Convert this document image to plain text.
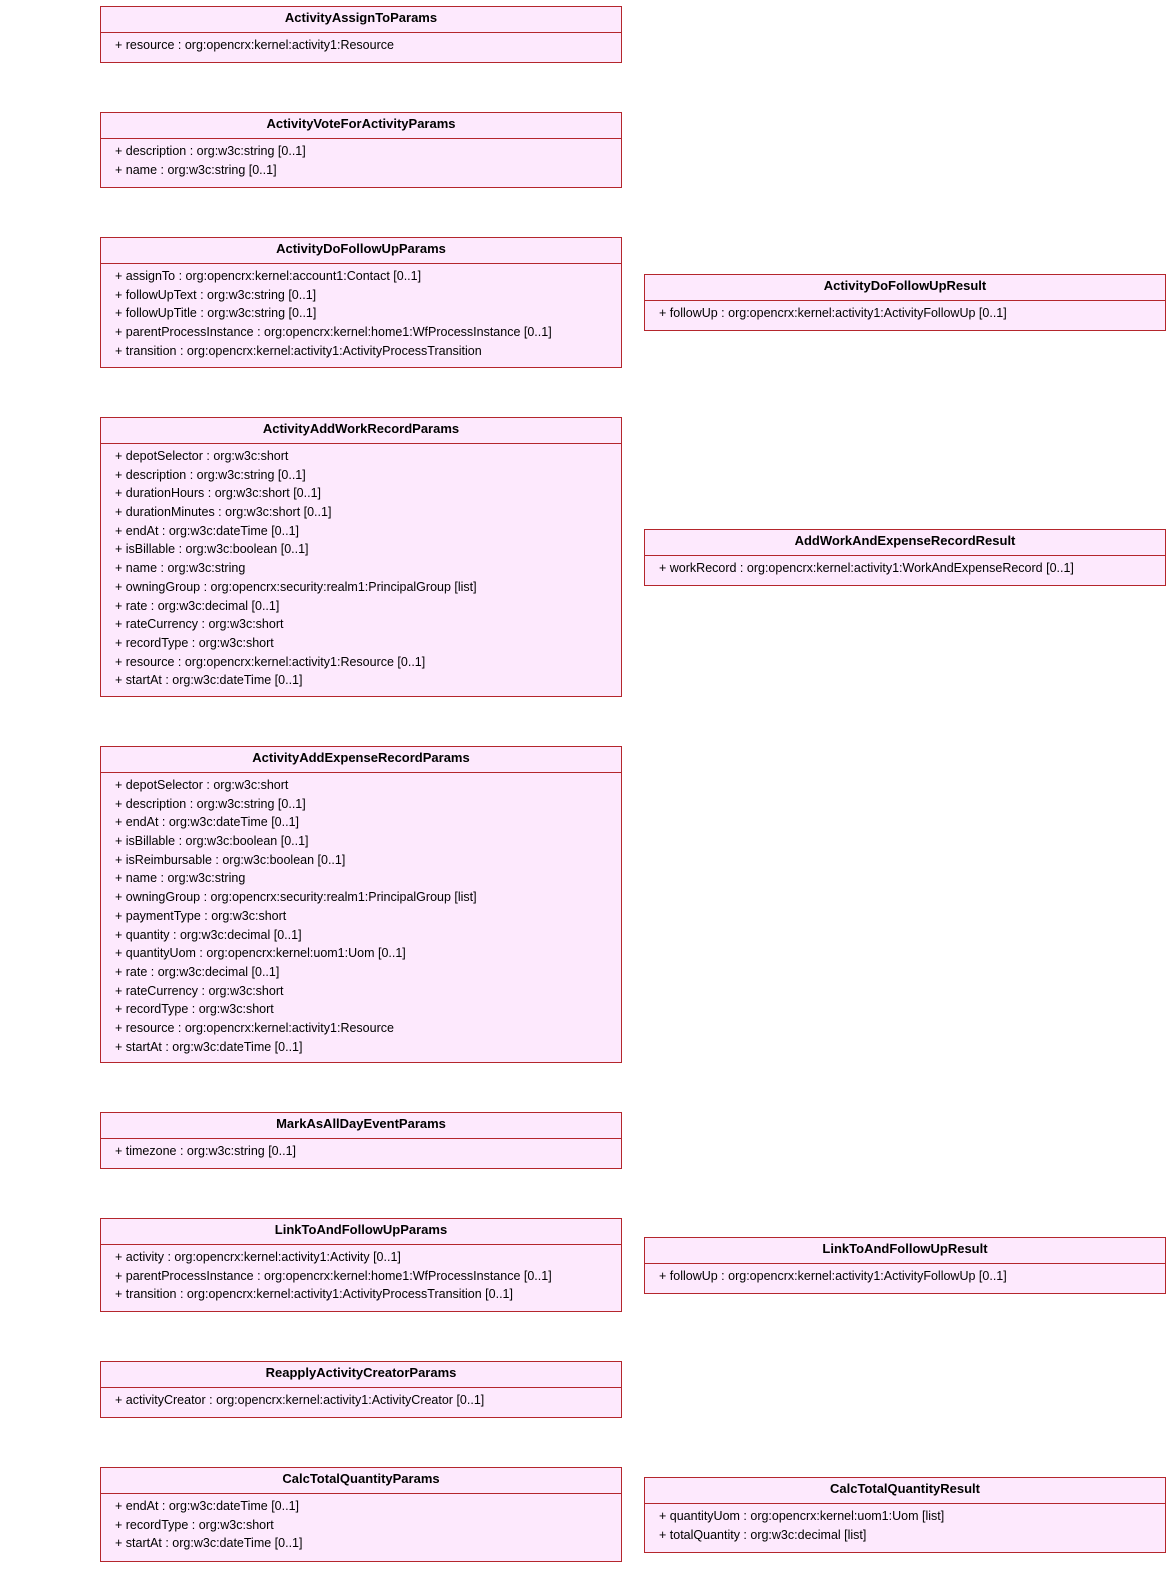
ActivityAssignToParams
+ resource : org:opencrx:kernel:activity1:Resource
ActivityVoteForActivityParams
+ description : org:w3c:string [0..1]
+ name : org:w3c:string [0..1]
ActivityDoFollowUpParams
+ assignTo : org:opencrx:kernel:account1:Contact [0..1]
+ followUpText : org:w3c:string [0..1]
+ followUpTitle : org:w3c:string [0..1]
+ parentProcessInstance : org:opencrx:kernel:home1:WfProcessInstance [0..1]
+ transition : org:opencrx:kernel:activity1:ActivityProcessTransition
ActivityDoFollowUpResult
+ followUp : org:opencrx:kernel:activity1:ActivityFollowUp [0..1]
ActivityAddWorkRecordParams
+ depotSelector : org:w3c:short
+ description : org:w3c:string [0..1]
+ durationHours : org:w3c:short [0..1]
+ durationMinutes : org:w3c:short [0..1]
+ endAt : org:w3c:dateTime [0..1]
+ isBillable : org:w3c:boolean [0..1]
+ name : org:w3c:string
+ owningGroup : org:opencrx:security:realm1:PrincipalGroup [list]
+ rate : org:w3c:decimal [0..1]
+ rateCurrency : org:w3c:short
+ recordType : org:w3c:short
+ resource : org:opencrx:kernel:activity1:Resource [0..1]
+ startAt : org:w3c:dateTime [0..1]
AddWorkAndExpenseRecordResult
+ workRecord : org:opencrx:kernel:activity1:WorkAndExpenseRecord [0..1]
ActivityAddExpenseRecordParams
+ depotSelector : org:w3c:short
+ description : org:w3c:string [0..1]
+ endAt : org:w3c:dateTime [0..1]
+ isBillable : org:w3c:boolean [0..1]
+ isReimbursable : org:w3c:boolean [0..1]
+ name : org:w3c:string
+ owningGroup : org:opencrx:security:realm1:PrincipalGroup [list]
+ paymentType : org:w3c:short
+ quantity : org:w3c:decimal [0..1]
+ quantityUom : org:opencrx:kernel:uom1:Uom [0..1]
+ rate : org:w3c:decimal [0..1]
+ rateCurrency : org:w3c:short
+ recordType : org:w3c:short
+ resource : org:opencrx:kernel:activity1:Resource
+ startAt : org:w3c:dateTime [0..1]
MarkAsAllDayEventParams
+ timezone : org:w3c:string [0..1]
LinkToAndFollowUpParams
+ activity : org:opencrx:kernel:activity1:Activity [0..1]
+ parentProcessInstance : org:opencrx:kernel:home1:WfProcessInstance [0..1]
+ transition : org:opencrx:kernel:activity1:ActivityProcessTransition [0..1]
LinkToAndFollowUpResult
+ followUp : org:opencrx:kernel:activity1:ActivityFollowUp [0..1]
ReapplyActivityCreatorParams
+ activityCreator : org:opencrx:kernel:activity1:ActivityCreator [0..1]
CalcTotalQuantityParams
+ endAt : org:w3c:dateTime [0..1]
+ recordType : org:w3c:short
+ startAt : org:w3c:dateTime [0..1]
CalcTotalQuantityResult
+ quantityUom : org:opencrx:kernel:uom1:Uom [list]
+ totalQuantity : org:w3c:decimal [list]
